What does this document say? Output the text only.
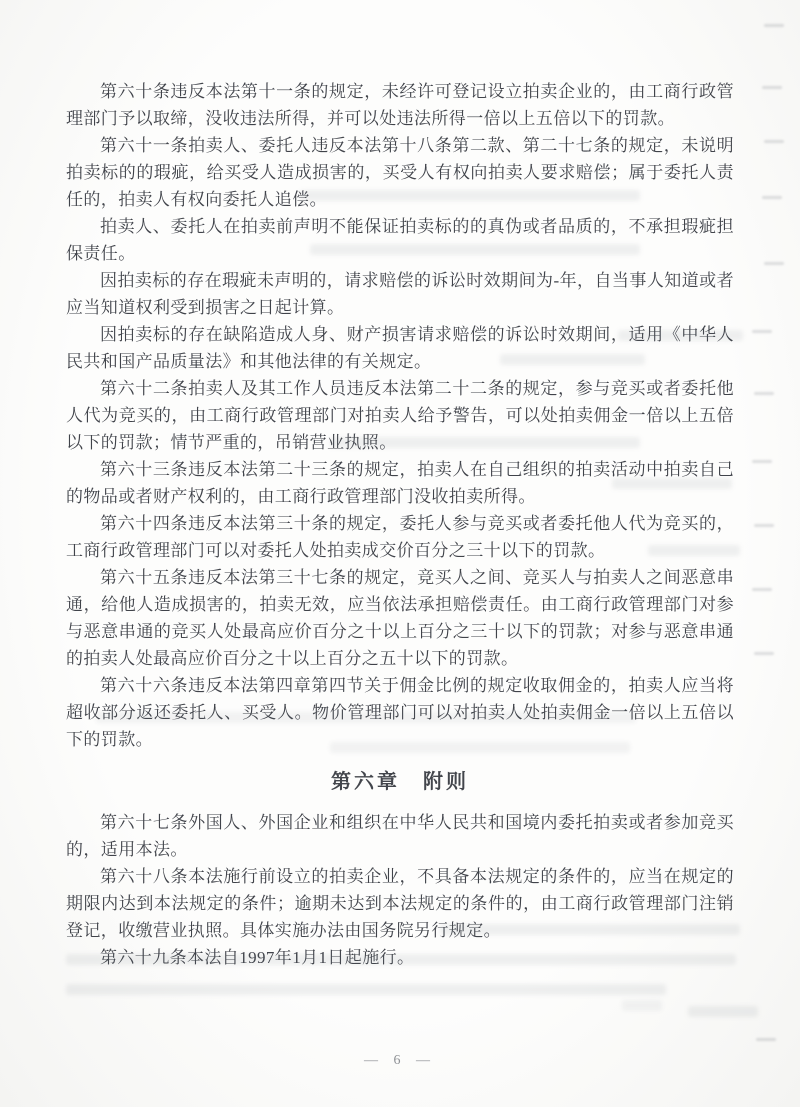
第六十条违反本法第十一条的规定，未经许可登记设立拍卖企业的，由工商行政管理部门予以取缔，没收违法所得，并可以处违法所得一倍以上五倍以下的罚款。

第六十一条拍卖人、委托人违反本法第十八条第二款、第二十七条的规定，未说明拍卖标的的瑕疵，给买受人造成损害的，买受人有权向拍卖人要求赔偿；属于委托人责任的，拍卖人有权向委托人追偿。

拍卖人、委托人在拍卖前声明不能保证拍卖标的的真伪或者品质的，不承担瑕疵担保责任。

因拍卖标的存在瑕疵未声明的，请求赔偿的诉讼时效期间为-年，自当事人知道或者应当知道权利受到损害之日起计算。

因拍卖标的存在缺陷造成人身、财产损害请求赔偿的诉讼时效期间，适用《中华人民共和国产品质量法》和其他法律的有关规定。

第六十二条拍卖人及其工作人员违反本法第二十二条的规定，参与竞买或者委托他人代为竞买的，由工商行政管理部门对拍卖人给予警告，可以处拍卖佣金一倍以上五倍以下的罚款；情节严重的，吊销营业执照。

第六十三条违反本法第二十三条的规定，拍卖人在自己组织的拍卖活动中拍卖自己的物品或者财产权利的，由工商行政管理部门没收拍卖所得。

第六十四条违反本法第三十条的规定，委托人参与竞买或者委托他人代为竞买的，工商行政管理部门可以对委托人处拍卖成交价百分之三十以下的罚款。

第六十五条违反本法第三十七条的规定，竞买人之间、竞买人与拍卖人之间恶意串通，给他人造成损害的，拍卖无效，应当依法承担赔偿责任。由工商行政管理部门对参与恶意串通的竞买人处最高应价百分之十以上百分之三十以下的罚款；对参与恶意串通的拍卖人处最高应价百分之十以上百分之五十以下的罚款。

第六十六条违反本法第四章第四节关于佣金比例的规定收取佣金的，拍卖人应当将超收部分返还委托人、买受人。物价管理部门可以对拍卖人处拍卖佣金一倍以上五倍以下的罚款。

第六章　附则

第六十七条外国人、外国企业和组织在中华人民共和国境内委托拍卖或者参加竞买的，适用本法。

第六十八条本法施行前设立的拍卖企业，不具备本法规定的条件的，应当在规定的期限内达到本法规定的条件；逾期未达到本法规定的条件的，由工商行政管理部门注销登记，收缴营业执照。具体实施办法由国务院另行规定。

第六十九条本法自1997年1月1日起施行。

— 6 —
